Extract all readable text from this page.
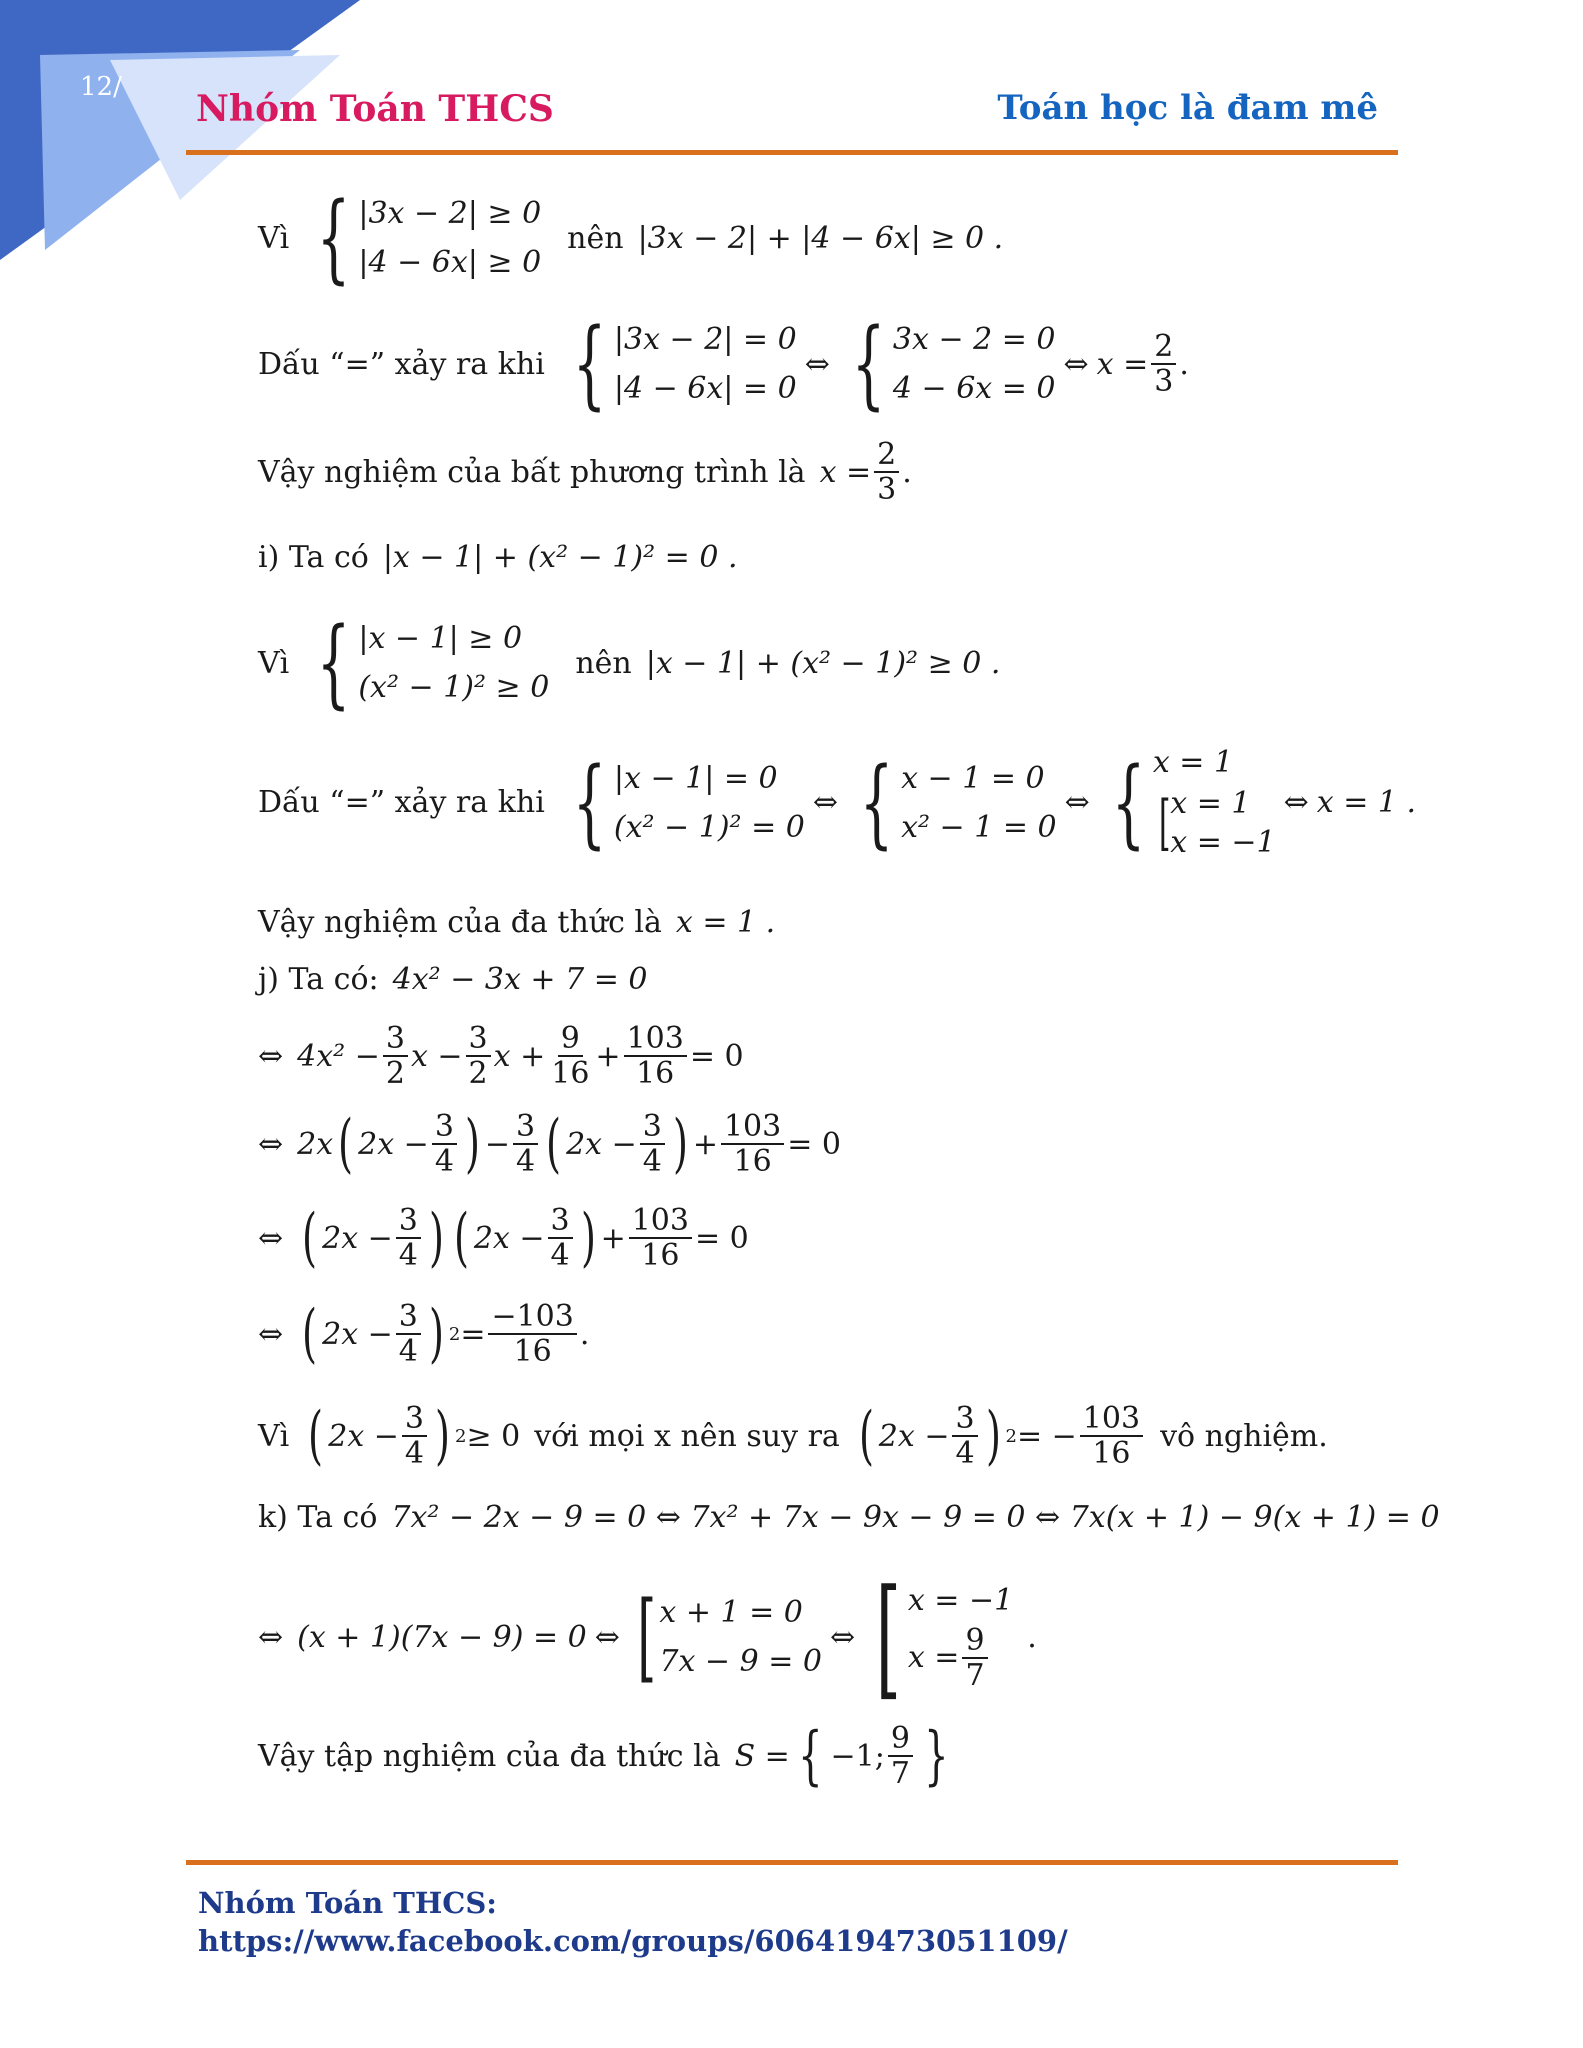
12/
Nhóm Toán THCS	Toán học là đam mê
Vì { |3x − 2| ≥ 0
|4 − 6x| ≥ 0
nên |3x − 2| + |4 − 6x| ≥ 0 .
Dấu “=” xảy ra khi { |3x − 2| = 0
|4 − 6x| = 0
⇔ { 3x − 2 = 0
4 − 6x = 0
⇔ $x = \frac{2}{3}$ .
Vậy nghiệm của bất phương trình là $x = \frac{2}{3}$ .
i) Ta có |x − 1| + (x² − 1)² = 0 .
Vì { |x − 1| ≥ 0
(x² − 1)² ≥ 0
nên |x − 1| + (x² − 1)² ≥ 0 .
Dấu “=” xảy ra khi { |x − 1| = 0
(x² − 1)² = 0
⇔ { x − 1 = 0
x² − 1 = 0
⇔ { x = 1
[ x = 1
x = −1
⇔ x = 1 .
Vậy nghiệm của đa thức là x = 1 .
j) Ta có: 4x² − 3x + 7 = 0
⇔ $4x^2 - \frac{3}{2}$ $x - \frac{3}{2}$ $x + \frac{9}{16} + \frac{103}{16} = 0$
⇔ 2x ( $2x - \frac{3}{4}$ ) − $\frac{3}{4}$ ( $2x - \frac{3}{4}$ ) + $\frac{103}{16} = 0$
⇔ ( $2x - \frac{3}{4}$ ) ( $2x - \frac{3}{4}$ ) + $\frac{103}{16} = 0$
⇔ ( $2x - \frac{3}{4}$ ) $2 = \frac{-103}{16}$ .
Vì ( $2x - \frac{3}{4}$ ) 2 ≥ 0 với mọi x nên suy ra ( $2x - \frac{3}{4}$ ) 2 = − $\frac{103}{16}$ vô nghiệm.
k) Ta có 7x² − 2x − 9 = 0 ⇔ 7x² + 7x − 9x − 9 = 0 ⇔ 7x(x + 1) − 9(x + 1) = 0
⇔ (x + 1)(7x − 9) = 0 ⇔ [ x + 1 = 0
7x − 9 = 0
⇔ [ x = −1
$x = \frac{9}{7}$ .
Vậy tập nghiệm của đa thức là S = { −1; $\frac{9}{7}$ }
Nhóm Toán THCS:
https://www.facebook.com/groups/606419473051109/
